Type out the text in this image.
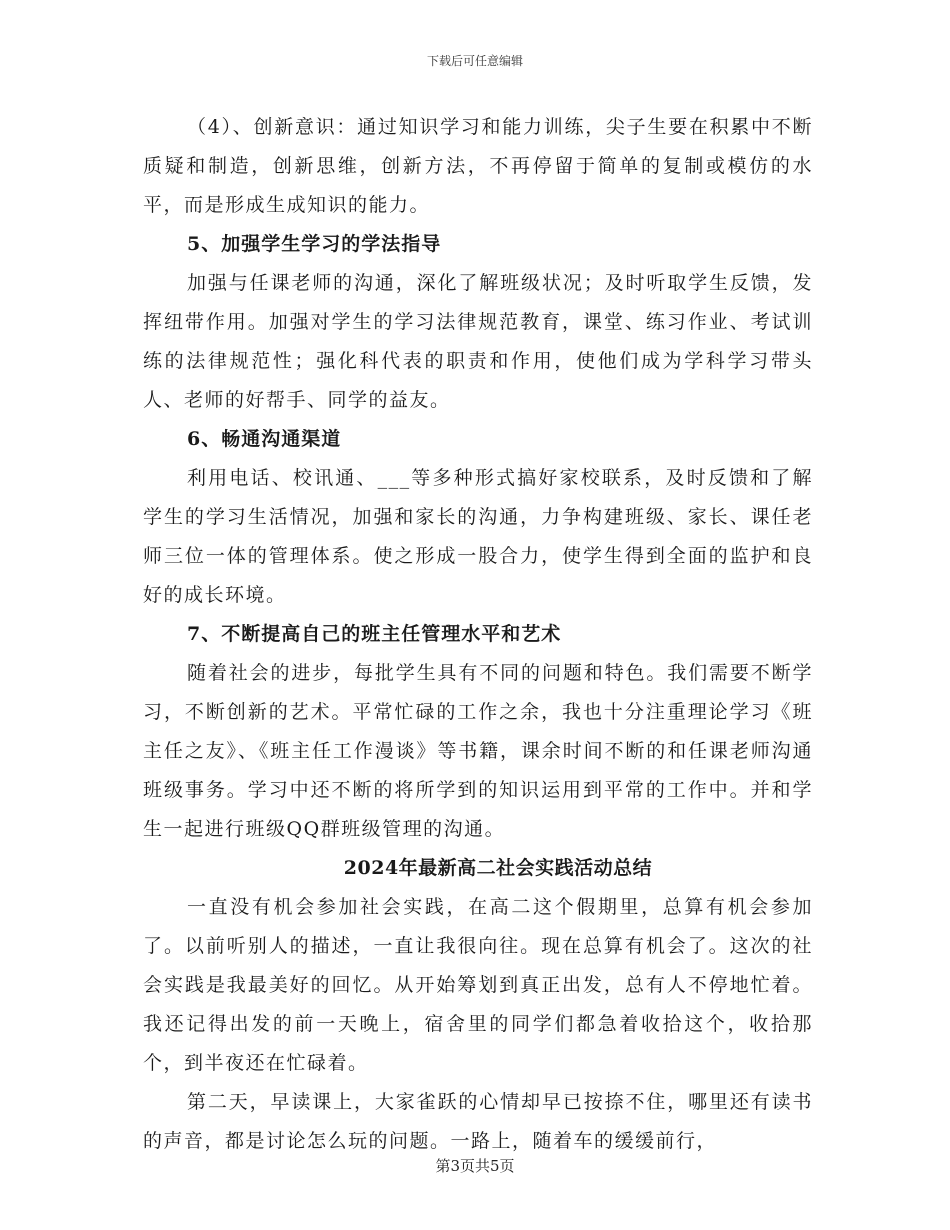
下载后可任意编辑

（4）、创新意识：通过知识学习和能力训练，尖子生要在积累中不断质疑和制造，创新思维，创新方法，不再停留于简单的复制或模仿的水平，而是形成生成知识的能力。

5、加强学生学习的学法指导

加强与任课老师的沟通，深化了解班级状况；及时听取学生反馈，发挥纽带作用。加强对学生的学习法律规范教育，课堂、练习作业、考试训练的法律规范性；强化科代表的职责和作用，使他们成为学科学习带头人、老师的好帮手、同学的益友。

6、畅通沟通渠道

利用电话、校讯通、___等多种形式搞好家校联系，及时反馈和了解学生的学习生活情况，加强和家长的沟通，力争构建班级、家长、课任老师三位一体的管理体系。使之形成一股合力，使学生得到全面的监护和良好的成长环境。

7、不断提高自己的班主任管理水平和艺术

随着社会的进步，每批学生具有不同的问题和特色。我们需要不断学习，不断创新的艺术。平常忙碌的工作之余，我也十分注重理论学习《班主任之友》、《班主任工作漫谈》等书籍，课余时间不断的和任课老师沟通班级事务。学习中还不断的将所学到的知识运用到平常的工作中。并和学生一起进行班级QQ群班级管理的沟通。

2024年最新高二社会实践活动总结

一直没有机会参加社会实践，在高二这个假期里，总算有机会参加了。以前听别人的描述，一直让我很向往。现在总算有机会了。这次的社会实践是我最美好的回忆。从开始筹划到真正出发，总有人不停地忙着。我还记得出发的前一天晚上，宿舍里的同学们都急着收拾这个，收拾那个，到半夜还在忙碌着。

第二天，早读课上，大家雀跃的心情却早已按捺不住，哪里还有读书的声音，都是讨论怎么玩的问题。一路上，随着车的缓缓前行，

第3页共5页
